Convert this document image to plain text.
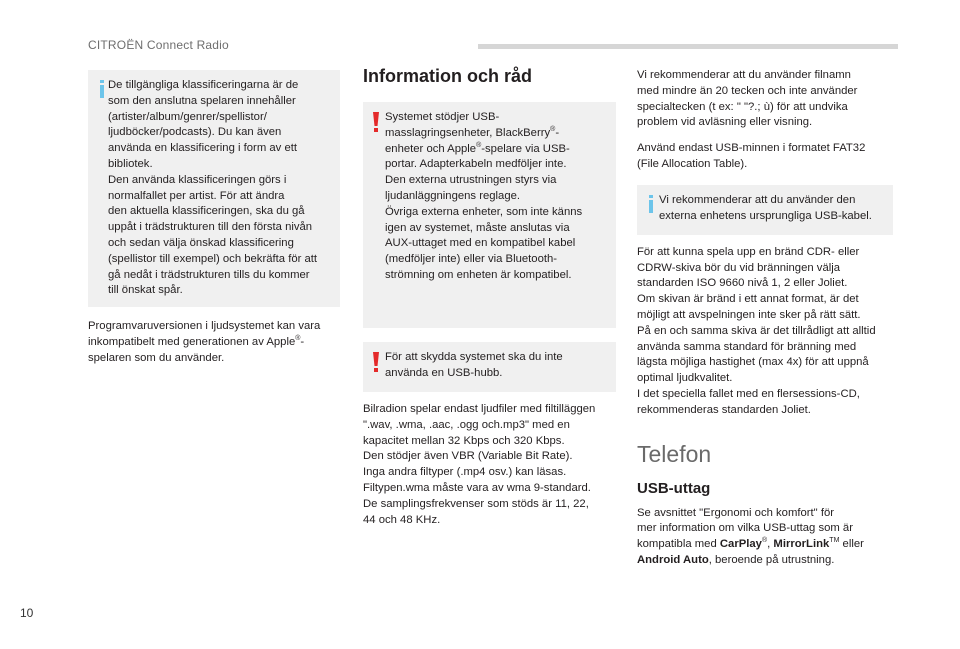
CITROËN Connect Radio
De tillgängliga klassificeringarna är de
som den anslutna spelaren innehåller
(artister/album/genrer/spellistor/
ljudböcker/podcasts). Du kan även
använda en klassificering i form av ett
bibliotek.
Den använda klassificeringen görs i
normalfallet per artist. För att ändra
den aktuella klassificeringen, ska du gå
uppåt i trädstrukturen till den första nivån
och sedan välja önskad klassificering
(spellistor till exempel) och bekräfta för att
gå nedåt i trädstrukturen tills du kommer
till önskat spår.
Programvaruversionen i ljudsystemet kan vara
inkompatibelt med generationen av Apple®-
spelaren som du använder.
Information och råd
Systemet stödjer USB-
masslagringsenheter, BlackBerry®-
enheter och Apple®-spelare via USB-
portar. Adapterkabeln medföljer inte.
Den externa utrustningen styrs via
ljudanläggningens reglage.
Övriga externa enheter, som inte känns
igen av systemet, måste anslutas via
AUX-uttaget med en kompatibel kabel
(medföljer inte) eller via Bluetooth-
strömning om enheten är kompatibel.
För att skydda systemet ska du inte
använda en USB-hubb.
Bilradion spelar endast ljudfiler med filtilläggen
".wav, .wma, .aac, .ogg och.mp3" med en
kapacitet mellan 32 Kbps och 320 Kbps.
Den stödjer även VBR (Variable Bit Rate).
Inga andra filtyper (.mp4 osv.) kan läsas.
Filtypen.wma måste vara av wma 9-standard.
De samplingsfrekvenser som stöds är 11, 22,
44 och 48 KHz.
Vi rekommenderar att du använder filnamn
med mindre än 20 tecken och inte använder
specialtecken (t ex: " "?.; ù) för att undvika
problem vid avläsning eller visning.
Använd endast USB-minnen i formatet FAT32
(File Allocation Table).
Vi rekommenderar att du använder den
externa enhetens ursprungliga USB-kabel.
För att kunna spela upp en bränd CDR- eller
CDRW-skiva bör du vid bränningen välja
standarden ISO 9660 nivå 1, 2 eller Joliet.
Om skivan är bränd i ett annat format, är det
möjligt att avspelningen inte sker på rätt sätt.
På en och samma skiva är det tillrådligt att alltid
använda samma standard för bränning med
lägsta möjliga hastighet (max 4x) för att uppnå
optimal ljudkvalitet.
I det speciella fallet med en flersessions-CD,
rekommenderas standarden Joliet.
Telefon
USB-uttag
Se avsnittet "Ergonomi och komfort" för
mer information om vilka USB-uttag som är
kompatibla med CarPlay®, MirrorLink™ eller
Android Auto, beroende på utrustning.
10
